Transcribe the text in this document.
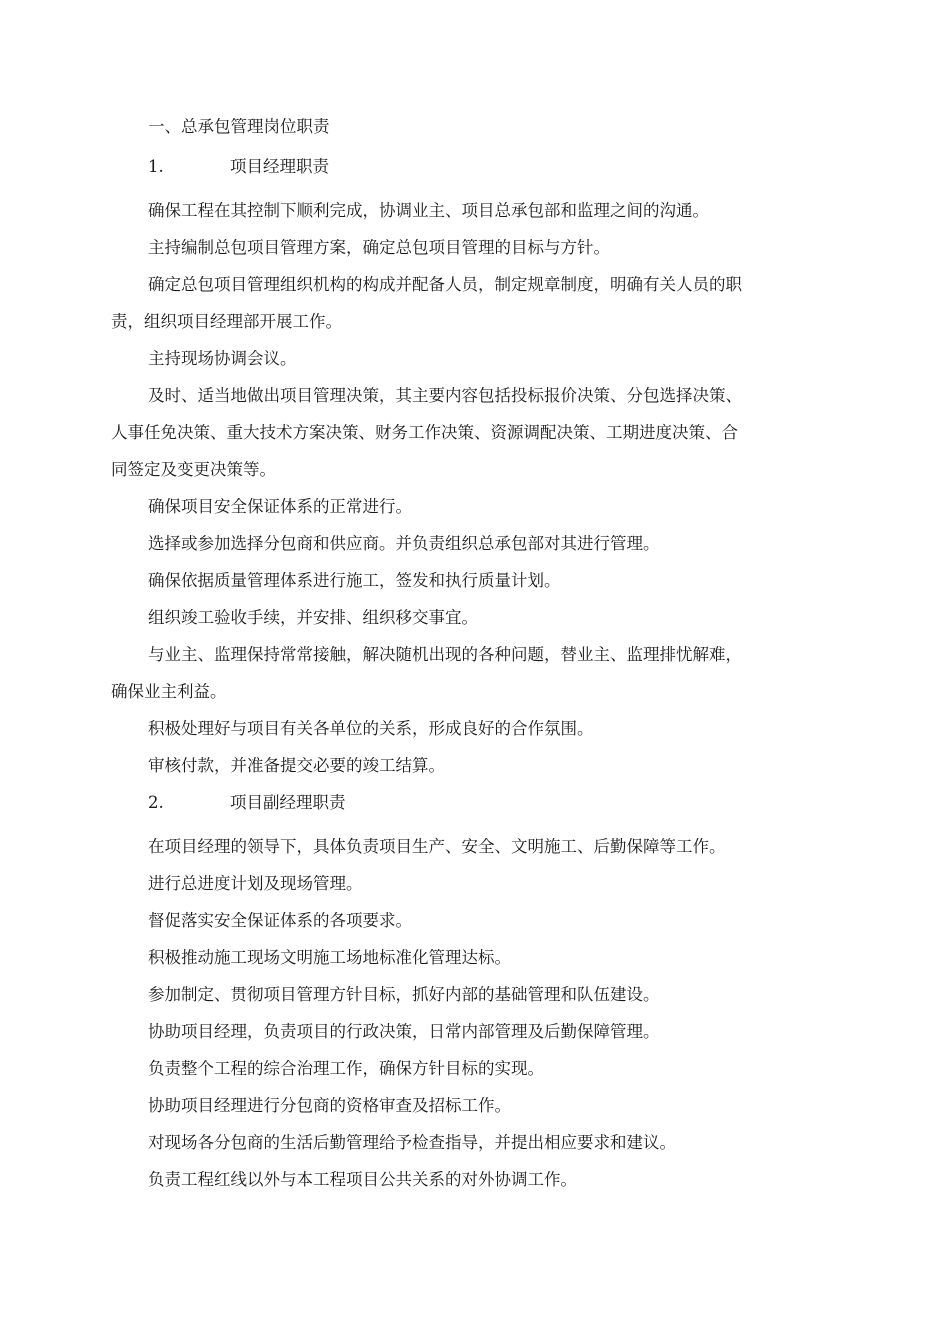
一、总承包管理岗位职责

1.	项目经理职责

确保工程在其控制下顺利完成，协调业主、项目总承包部和监理之间的沟通。

主持编制总包项目管理方案，确定总包项目管理的目标与方针。

确定总包项目管理组织机构的构成并配备人员，制定规章制度，明确有关人员的职

责，组织项目经理部开展工作。

主持现场协调会议。

及时、适当地做出项目管理决策，其主要内容包括投标报价决策、分包选择决策、

人事任免决策、重大技术方案决策、财务工作决策、资源调配决策、工期进度决策、合

同签定及变更决策等。

确保项目安全保证体系的正常进行。

选择或参加选择分包商和供应商。并负责组织总承包部对其进行管理。

确保依据质量管理体系进行施工，签发和执行质量计划。

组织竣工验收手续，并安排、组织移交事宜。

与业主、监理保持常常接触，解决随机出现的各种问题，替业主、监理排忧解难，

确保业主利益。

积极处理好与项目有关各单位的关系，形成良好的合作氛围。

审核付款，并准备提交必要的竣工结算。

2.	项目副经理职责

在项目经理的领导下，具体负责项目生产、安全、文明施工、后勤保障等工作。

进行总进度计划及现场管理。

督促落实安全保证体系的各项要求。

积极推动施工现场文明施工场地标准化管理达标。

参加制定、贯彻项目管理方针目标，抓好内部的基础管理和队伍建设。

协助项目经理，负责项目的行政决策，日常内部管理及后勤保障管理。

负责整个工程的综合治理工作，确保方针目标的实现。

协助项目经理进行分包商的资格审查及招标工作。

对现场各分包商的生活后勤管理给予检查指导，并提出相应要求和建议。

负责工程红线以外与本工程项目公共关系的对外协调工作。
